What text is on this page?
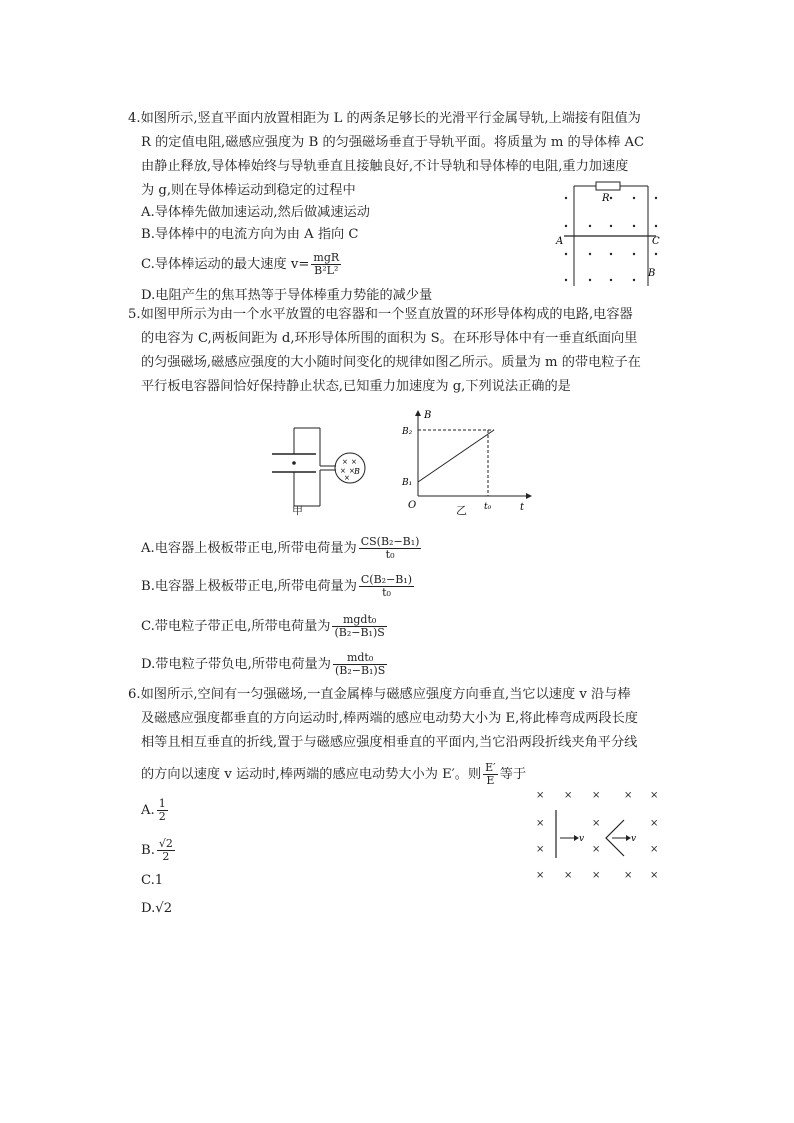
4.如图所示,竖直平面内放置相距为 L 的两条足够长的光滑平行金属导轨,上端接有阻值为
R 的定值电阻,磁感应强度为 B 的匀强磁场垂直于导轨平面。将质量为 m 的导体棒 AC
由静止释放,导体棒始终与导轨垂直且接触良好,不计导轨和导体棒的电阻,重力加速度
为 g,则在导体棒运动到稳定的过程中
A.导体棒先做加速运动,然后做减速运动
B.导体棒中的电流方向为由 A 指向 C
C.导体棒运动的最大速度 $v= \frac{\text{mgR}}{\text{B²L²}}$
D.电阻产生的焦耳热等于导体棒重力势能的减少量
R
A	C
B
5.如图甲所示为由一个水平放置的电容器和一个竖直放置的环形导体构成的电路,电容器
的电容为 C,两板间距为 d,环形导体所围的面积为 S。在环形导体中有一垂直纸面向里
的匀强磁场,磁感应强度的大小随时间变化的规律如图乙所示。质量为 m 的带电粒子在
平行板电容器间恰好保持静止状态,已知重力加速度为 g,下列说法正确的是
× ×
× ×
×
B
甲
B
t
O
B₂
B₁
t₀
乙
A.电容器上极板带正电,所带电荷量为 $\frac{\text{CS(B₂−B₁)}}{\text{t₀}}$
B.电容器上极板带正电,所带电荷量为 $\frac{\text{C(B₂−B₁)}}{\text{t₀}}$
C.带电粒子带正电,所带电荷量为 $\frac{\text{mgdt₀}}{\text{(B₂−B₁)S}}$
D.带电粒子带负电,所带电荷量为 $\frac{\text{mdt₀}}{\text{(B₂−B₁)S}}$
6.如图所示,空间有一匀强磁场,一直金属棒与磁感应强度方向垂直,当它以速度 v 沿与棒
及磁感应强度都垂直的方向运动时,棒两端的感应电动势大小为 E,将此棒弯成两段长度
相等且相互垂直的折线,置于与磁感应强度相垂直的平面内,当它沿两段折线夹角平分线
的方向以速度 v 运动时,棒两端的感应电动势大小为 E′。则 $\frac{E'}{E}$ 等于
A. $\frac{1}{2}$
B. $\frac{√2}{2}$
C.1
D.√2
× × × × ×
×	×	×
×	×	×
× × × × ×
v	v
